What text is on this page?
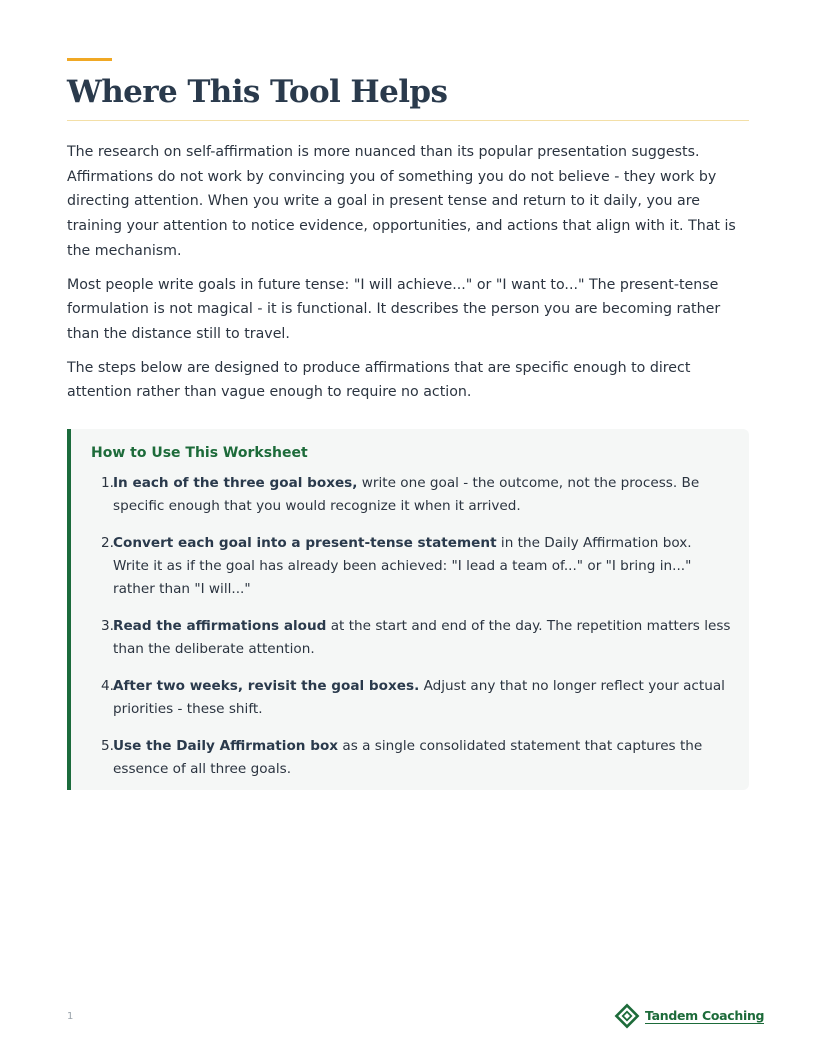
Where This Tool Helps

The research on self-affirmation is more nuanced than its popular presentation suggests. Affirmations do not work by convincing you of something you do not believe - they work by directing attention. When you write a goal in present tense and return to it daily, you are training your attention to notice evidence, opportunities, and actions that align with it. That is the mechanism.

Most people write goals in future tense: "I will achieve..." or "I want to..." The present-tense formulation is not magical - it is functional. It describes the person you are becoming rather than the distance still to travel.

The steps below are designed to produce affirmations that are specific enough to direct attention rather than vague enough to require no action.

How to Use This Worksheet
1. In each of the three goal boxes, write one goal - the outcome, not the process. Be specific enough that you would recognize it when it arrived.
2. Convert each goal into a present-tense statement in the Daily Affirmation box. Write it as if the goal has already been achieved: "I lead a team of..." or "I bring in..." rather than "I will..."
3. Read the affirmations aloud at the start and end of the day. The repetition matters less than the deliberate attention.
4. After two weeks, revisit the goal boxes. Adjust any that no longer reflect your actual priorities - these shift.
5. Use the Daily Affirmation box as a single consolidated statement that captures the essence of all three goals.
1	Tandem Coaching
